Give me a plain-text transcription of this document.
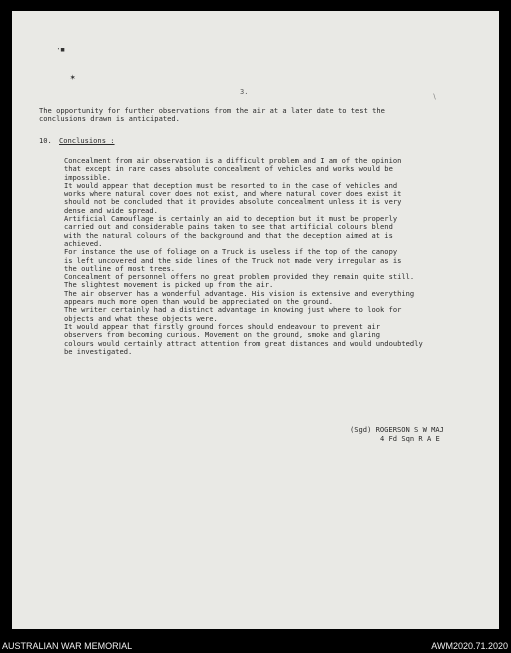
‧▪
✶
∖
3.
The opportunity for further observations from the air at a later date to test the
conclusions drawn is anticipated.
10. Conclusions :
Concealment from air observation is a difficult problem and I am of the opinion
that except in rare cases absolute concealment of vehicles and works would be
impossible.
It would appear that deception must be resorted to in the case of vehicles and
works where natural cover does not exist, and where natural cover does exist it
should not be concluded that it provides absolute concealment unless it is very
dense and wide spread.
Artificial Camouflage is certainly an aid to deception but it must be properly
carried out and considerable pains taken to see that artificial colours blend
with the natural colours of the background and that the deception aimed at is
achieved.
For instance the use of foliage on a Truck is useless if the top of the canopy
is left uncovered and the side lines of the Truck not made very irregular as is
the outline of most trees.
Concealment of personnel offers no great problem provided they remain quite still.
The slightest movement is picked up from the air.
The air observer has a wonderful advantage. His vision is extensive and everything
appears much more open than would be appreciated on the ground.
The writer certainly had a distinct advantage in knowing just where to look for
objects and what these objects were.
It would appear that firstly ground forces should endeavour to prevent air
observers from becoming curious. Movement on the ground, smoke and glaring
colours would certainly attract attention from great distances and would undoubtedly
be investigated.
(Sgd) ROGERSON S W MAJ
4 Fd Sqn R A E
AUSTRALIAN WAR MEMORIAL	AWM2020.71.2020
